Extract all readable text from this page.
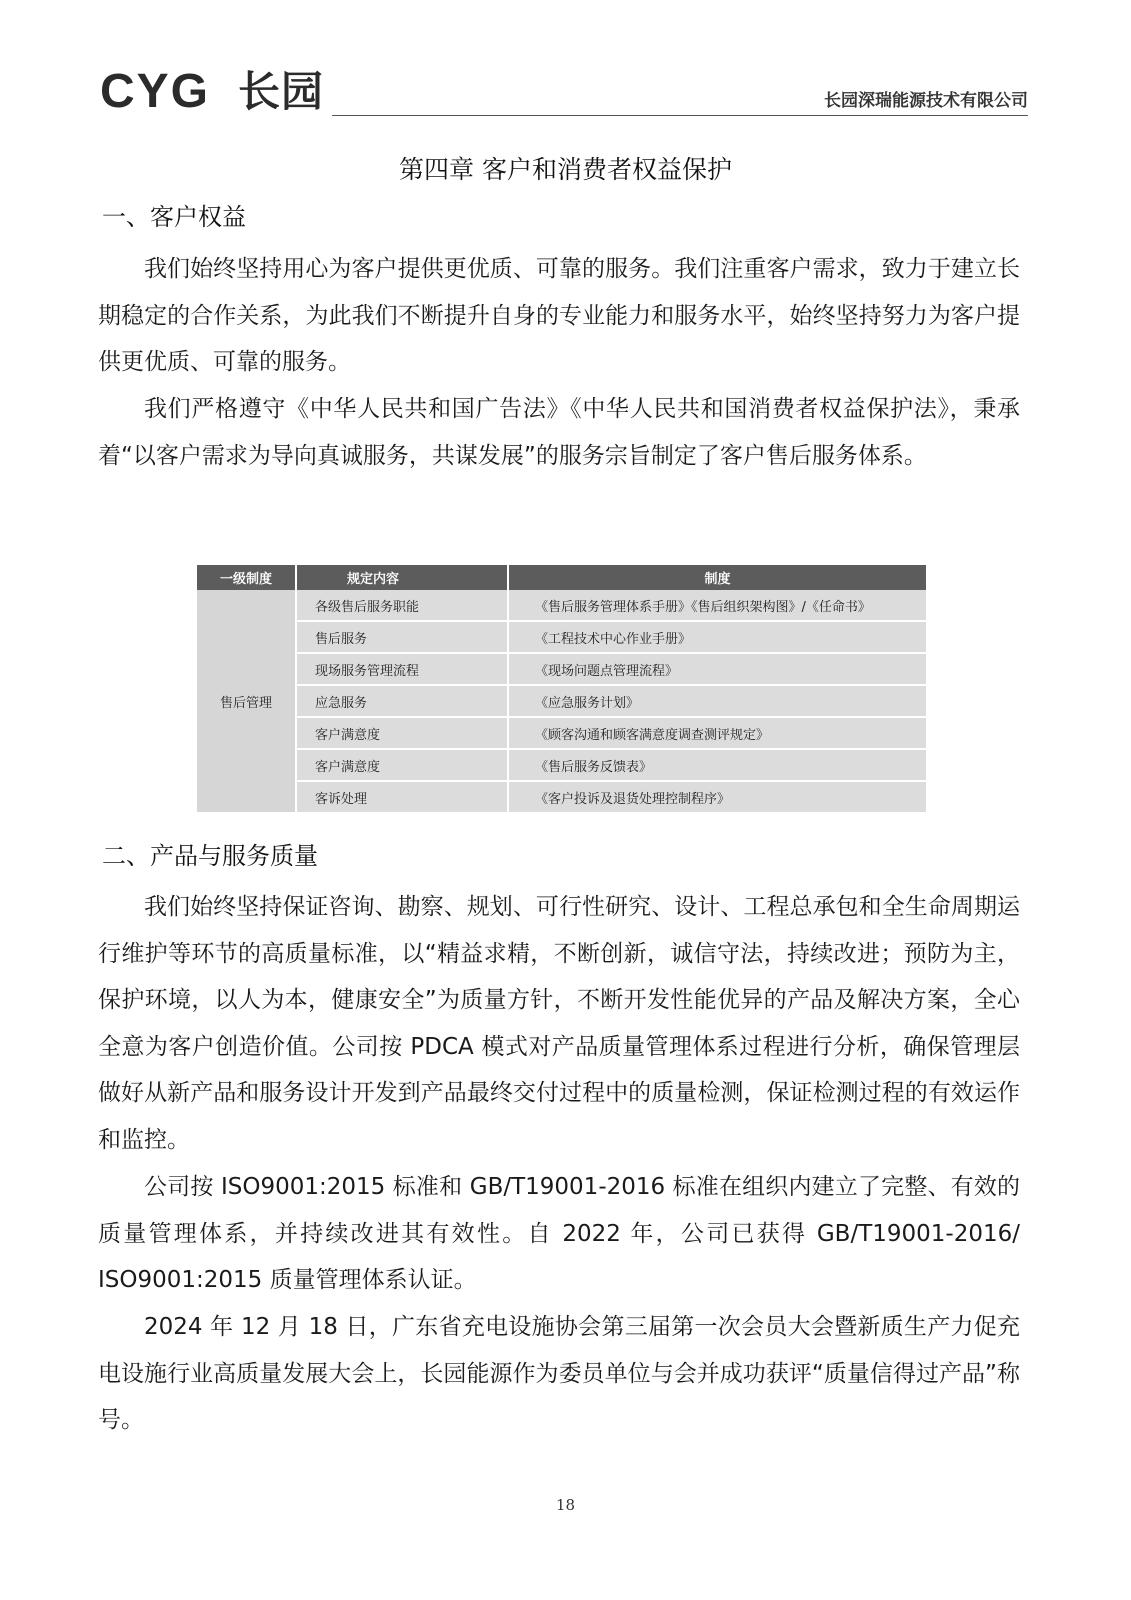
CYG 长园	长园深瑞能源技术有限公司
第四章 客户和消费者权益保护
一、客户权益

我们始终坚持用心为客户提供更优质、可靠的服务。我们注重客户需求，致力于建立长期稳定的合作关系，为此我们不断提升自身的专业能力和服务水平，始终坚持努力为客户提供更优质、可靠的服务。

我们严格遵守《中华人民共和国广告法》《中华人民共和国消费者权益保护法》，秉承着“以客户需求为导向真诚服务，共谋发展”的服务宗旨制定了客户售后服务体系。

一级制度	规定内容	制度
售后管理	各级售后服务职能	《售后服务管理体系手册》《售后组织架构图》/《任命书》
	售后服务	《工程技术中心作业手册》
	现场服务管理流程	《现场问题点管理流程》
	应急服务	《应急服务计划》
	客户满意度	《顾客沟通和顾客满意度调查测评规定》
	客户满意度	《售后服务反馈表》
	客诉处理	《客户投诉及退货处理控制程序》
二、产品与服务质量

我们始终坚持保证咨询、勘察、规划、可行性研究、设计、工程总承包和全生命周期运行维护等环节的高质量标准，以“精益求精，不断创新，诚信守法，持续改进；预防为主，保护环境，以人为本，健康安全”为质量方针，不断开发性能优异的产品及解决方案，全心全意为客户创造价值。公司按 PDCA 模式对产品质量管理体系过程进行分析，确保管理层做好从新产品和服务设计开发到产品最终交付过程中的质量检测，保证检测过程的有效运作和监控。

公司按 ISO9001:2015 标准和 GB/T19001-2016 标准在组织内建立了完整、有效的质量管理体系，并持续改进其有效性。自 2022 年，公司已获得 GB/T19001-2016/ ISO9001:2015 质量管理体系认证。

2024 年 12 月 18 日，广东省充电设施协会第三届第一次会员大会暨新质生产力促充电设施行业高质量发展大会上，长园能源作为委员单位与会并成功获评“质量信得过产品”称号。

18
